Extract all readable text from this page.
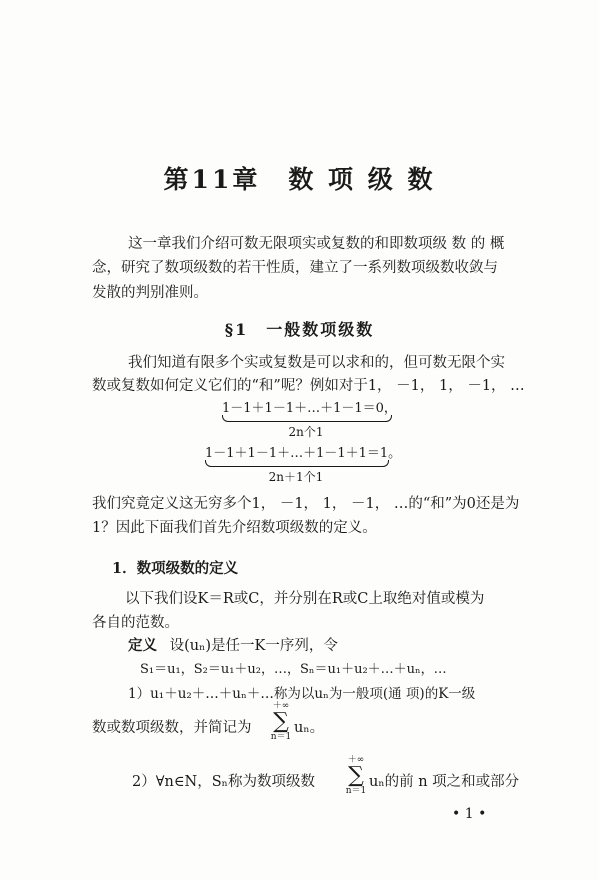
第11章　数 项 级 数
这一章我们介绍可数无限项实或复数的和即数项级 数 的 概
念，研究了数项级数的若干性质，建立了一系列数项级数收敛与
发散的判别准则。
§1　一般数项级数
我们知道有限多个实或复数是可以求和的，但可数无限个实
数或复数如何定义它们的“和”呢？例如对于1， －1， 1， －1， …
1－1＋1－1＋…＋1－1＝0，
2n个1
1－1＋1－1＋…＋1－1＋1＝1。
2n＋1个1
我们究竟定义这无穷多个1， －1， 1， －1， …的“和”为0还是为
1？因此下面我们首先介绍数项级数的定义。
1．数项级数的定义
以下我们设K＝R或C，并分别在R或C上取绝对值或模为
各自的范数。
定义 设(uₙ)是任一K一序列，令
S₁＝u₁，S₂＝u₁＋u₂，…，Sₙ＝u₁＋u₂＋…＋uₙ，…
1）u₁＋u₂＋…＋uₙ＋…称为以uₙ为一般项(通 项)的K一级
数或数项级数，并简记为
＋∞
∑
n＝1
uₙ。
2）∀n∈N，Sₙ称为数项级数
＋∞
∑
n＝1
uₙ的前 n 项之和或部分
• 1 •
